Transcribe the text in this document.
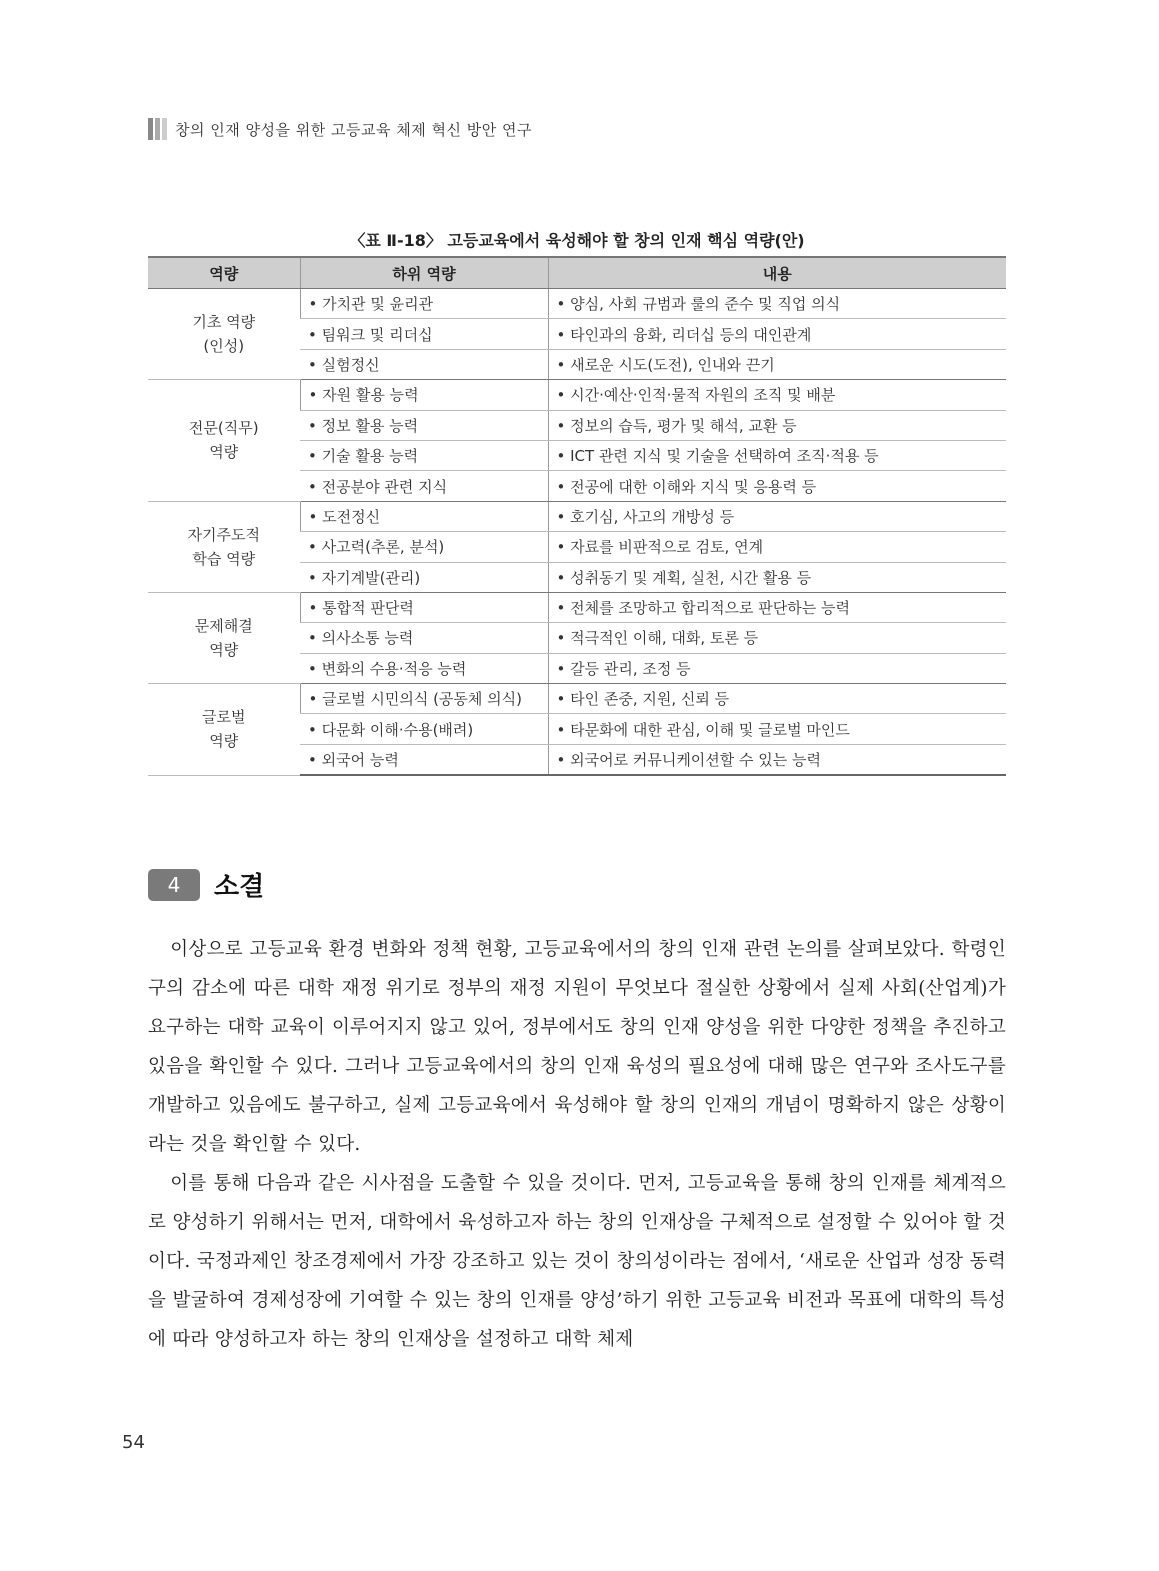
창의 인재 양성을 위한 고등교육 체제 혁신 방안 연구
〈표 Ⅱ-18〉 고등교육에서 육성해야 할 창의 인재 핵심 역량(안)
역량	하위 역량	내용
기초 역량
(인성)	• 가치관 및 윤리관	• 양심, 사회 규범과 룰의 준수 및 직업 의식
	• 팀워크 및 리더십	• 타인과의 융화, 리더십 등의 대인관계
	• 실험정신	• 새로운 시도(도전), 인내와 끈기
전문(직무)
역량	• 자원 활용 능력	• 시간·예산·인적·물적 자원의 조직 및 배분
	• 정보 활용 능력	• 정보의 습득, 평가 및 해석, 교환 등
	• 기술 활용 능력	• ICT 관련 지식 및 기술을 선택하여 조직·적용 등
	• 전공분야 관련 지식	• 전공에 대한 이해와 지식 및 응용력 등
자기주도적
학습 역량	• 도전정신	• 호기심, 사고의 개방성 등
	• 사고력(추론, 분석)	• 자료를 비판적으로 검토, 연계
	• 자기계발(관리)	• 성취동기 및 계획, 실천, 시간 활용 등
문제해결
역량	• 통합적 판단력	• 전체를 조망하고 합리적으로 판단하는 능력
	• 의사소통 능력	• 적극적인 이해, 대화, 토론 등
	• 변화의 수용·적응 능력	• 갈등 관리, 조정 등
글로벌
역량	• 글로벌 시민의식 (공동체 의식)	• 타인 존중, 지원, 신뢰 등
	• 다문화 이해·수용(배려)	• 타문화에 대한 관심, 이해 및 글로벌 마인드
	• 외국어 능력	• 외국어로 커뮤니케이션할 수 있는 능력
4	소결

이상으로 고등교육 환경 변화와 정책 현황, 고등교육에서의 창의 인재 관련 논의를 살펴보았다. 학령인구의 감소에 따른 대학 재정 위기로 정부의 재정 지원이 무엇보다 절실한 상황에서 실제 사회(산업계)가 요구하는 대학 교육이 이루어지지 않고 있어, 정부에서도 창의 인재 양성을 위한 다양한 정책을 추진하고 있음을 확인할 수 있다. 그러나 고등교육에서의 창의 인재 육성의 필요성에 대해 많은 연구와 조사도구를 개발하고 있음에도 불구하고, 실제 고등교육에서 육성해야 할 창의 인재의 개념이 명확하지 않은 상황이라는 것을 확인할 수 있다.

이를 통해 다음과 같은 시사점을 도출할 수 있을 것이다. 먼저, 고등교육을 통해 창의 인재를 체계적으로 양성하기 위해서는 먼저, 대학에서 육성하고자 하는 창의 인재상을 구체적으로 설정할 수 있어야 할 것이다. 국정과제인 창조경제에서 가장 강조하고 있는 것이 창의성이라는 점에서, ‘새로운 산업과 성장 동력을 발굴하여 경제성장에 기여할 수 있는 창의 인재를 양성’하기 위한 고등교육 비전과 목표에 대학의 특성에 따라 양성하고자 하는 창의 인재상을 설정하고 대학 체제

54
